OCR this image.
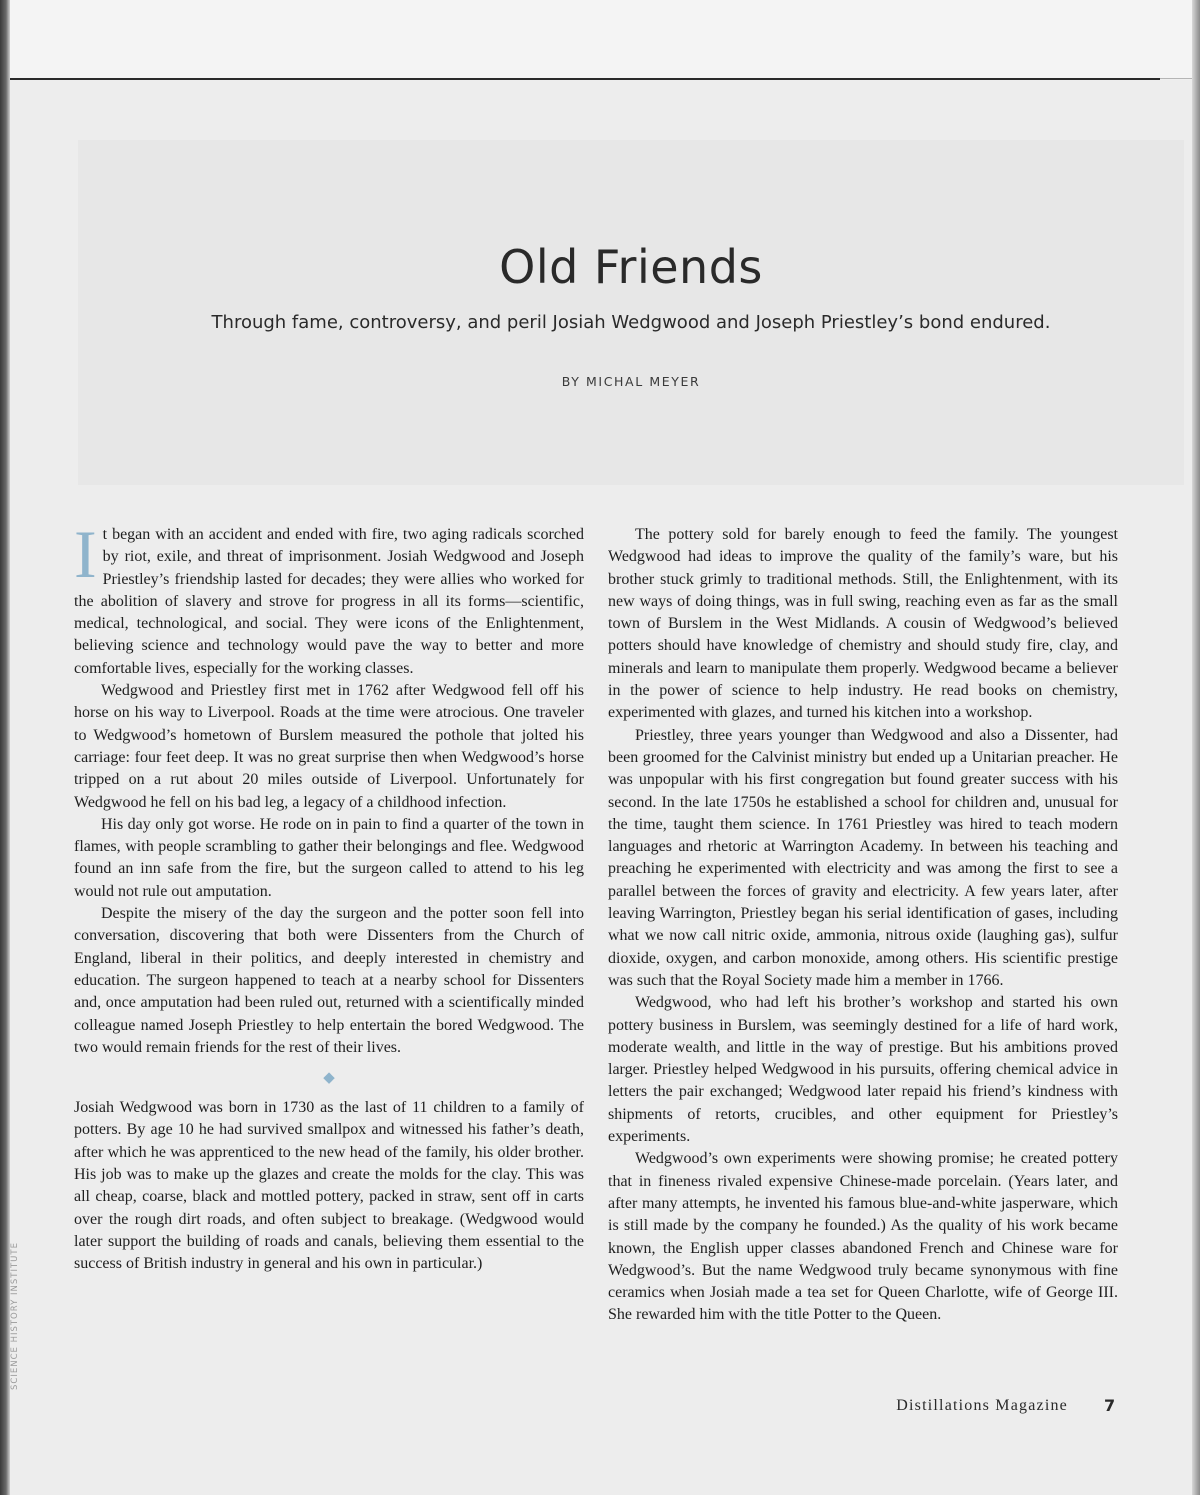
Old Friends

Through fame, controversy, and peril Josiah Wedgwood and Joseph Priestley’s bond endured.

BY MICHAL MEYER

It began with an accident and ended with fire, two aging radicals scorched by riot, exile, and threat of imprisonment. Josiah Wedgwood and Joseph Priestley’s friendship lasted for decades; they were allies who worked for the abolition of slavery and strove for progress in all its forms—scientific, medical, technological, and social. They were icons of the Enlightenment, believing science and technology would pave the way to better and more comfortable lives, especially for the working classes.

Wedgwood and Priestley first met in 1762 after Wedgwood fell off his horse on his way to Liverpool. Roads at the time were atrocious. One traveler to Wedgwood’s hometown of Burslem measured the pothole that jolted his carriage: four feet deep. It was no great surprise then when Wedgwood’s horse tripped on a rut about 20 miles outside of Liverpool. Unfortunately for Wedgwood he fell on his bad leg, a legacy of a childhood infection.

His day only got worse. He rode on in pain to find a quarter of the town in flames, with people scrambling to gather their belongings and flee. Wedgwood found an inn safe from the fire, but the surgeon called to attend to his leg would not rule out amputation.

Despite the misery of the day the surgeon and the potter soon fell into conversation, discovering that both were Dissenters from the Church of England, liberal in their politics, and deeply interested in chemistry and education. The surgeon happened to teach at a nearby school for Dissenters and, once amputation had been ruled out, returned with a scientifically minded colleague named Joseph Priestley to help entertain the bored Wedgwood. The two would remain friends for the rest of their lives.

◆

Josiah Wedgwood was born in 1730 as the last of 11 children to a family of potters. By age 10 he had survived smallpox and witnessed his father’s death, after which he was apprenticed to the new head of the family, his older brother. His job was to make up the glazes and create the molds for the clay. This was all cheap, coarse, black and mottled pottery, packed in straw, sent off in carts over the rough dirt roads, and often subject to breakage. (Wedgwood would later support the building of roads and canals, believing them essential to the success of British industry in general and his own in particular.)

The pottery sold for barely enough to feed the family. The youngest Wedgwood had ideas to improve the quality of the family’s ware, but his brother stuck grimly to traditional methods. Still, the Enlightenment, with its new ways of doing things, was in full swing, reaching even as far as the small town of Burslem in the West Midlands. A cousin of Wedgwood’s believed potters should have knowledge of chemistry and should study fire, clay, and minerals and learn to manipulate them properly. Wedgwood became a believer in the power of science to help industry. He read books on chemistry, experimented with glazes, and turned his kitchen into a workshop.

Priestley, three years younger than Wedgwood and also a Dissenter, had been groomed for the Calvinist ministry but ended up a Unitarian preacher. He was unpopular with his first congregation but found greater success with his second. In the late 1750s he established a school for children and, unusual for the time, taught them science. In 1761 Priestley was hired to teach modern languages and rhetoric at Warrington Academy. In between his teaching and preaching he experimented with electricity and was among the first to see a parallel between the forces of gravity and electricity. A few years later, after leaving Warrington, Priestley began his serial identification of gases, including what we now call nitric oxide, ammonia, nitrous oxide (laughing gas), sulfur dioxide, oxygen, and carbon monoxide, among others. His scientific prestige was such that the Royal Society made him a member in 1766.

Wedgwood, who had left his brother’s workshop and started his own pottery business in Burslem, was seemingly destined for a life of hard work, moderate wealth, and little in the way of prestige. But his ambitions proved larger. Priestley helped Wedgwood in his pursuits, offering chemical advice in letters the pair exchanged; Wedgwood later repaid his friend’s kindness with shipments of retorts, crucibles, and other equipment for Priestley’s experiments.

Wedgwood’s own experiments were showing promise; he created pottery that in fineness rivaled expensive Chinese-made porcelain. (Years later, and after many attempts, he invented his famous blue-and-white jasperware, which is still made by the company he founded.) As the quality of his work became known, the English upper classes abandoned French and Chinese ware for Wedgwood’s. But the name Wedgwood truly became synonymous with fine ceramics when Josiah made a tea set for Queen Charlotte, wife of George III. She rewarded him with the title Potter to the Queen.

SCIENCE HISTORY INSTITUTE
Distillations Magazine 7
